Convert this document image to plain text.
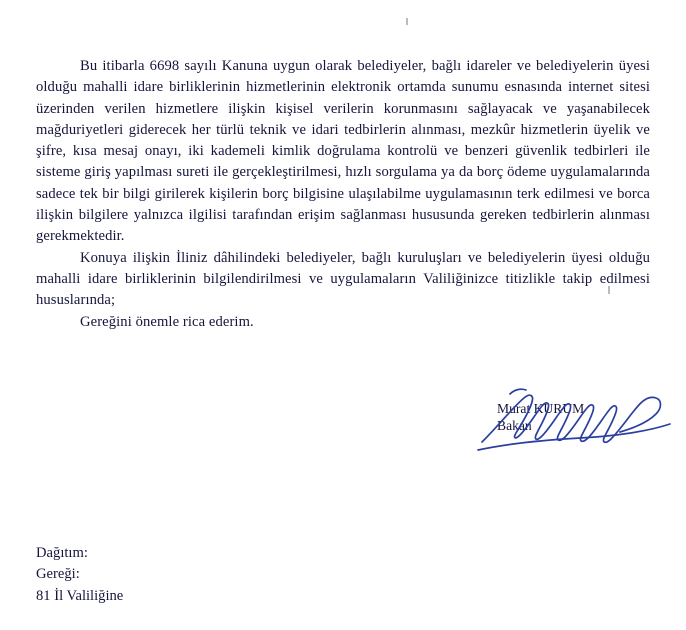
Bu itibarla 6698 sayılı Kanuna uygun olarak belediyeler, bağlı idareler ve belediyelerin üyesi olduğu mahalli idare birliklerinin hizmetlerinin elektronik ortamda sunumu esnasında internet sitesi üzerinden verilen hizmetlere ilişkin kişisel verilerin korunmasını sağlayacak ve yaşanabilecek mağduriyetleri giderecek her türlü teknik ve idari tedbirlerin alınması, mezkûr hizmetlerin üyelik ve şifre, kısa mesaj onayı, iki kademeli kimlik doğrulama kontrolü ve benzeri güvenlik tedbirleri ile sisteme giriş yapılması sureti ile gerçekleştirilmesi, hızlı sorgulama ya da borç ödeme uygulamalarında sadece tek bir bilgi girilerek kişilerin borç bilgisine ulaşılabilme uygulamasının terk edilmesi ve borca ilişkin bilgilere yalnızca ilgilisi tarafından erişim sağlanması hususunda gereken tedbirlerin alınması gerekmektedir.

Konuya ilişkin İliniz dâhilindeki belediyeler, bağlı kuruluşları ve belediyelerin üyesi olduğu mahalli idare birliklerinin bilgilendirilmesi ve uygulamaların Valiliğinizce titizlikle takip edilmesi hususlarında;

Gereğini önemle rica ederim.

Murat KURUM
Bakan
Dağıtım:
Gereği:
81 İl Valiliğine
